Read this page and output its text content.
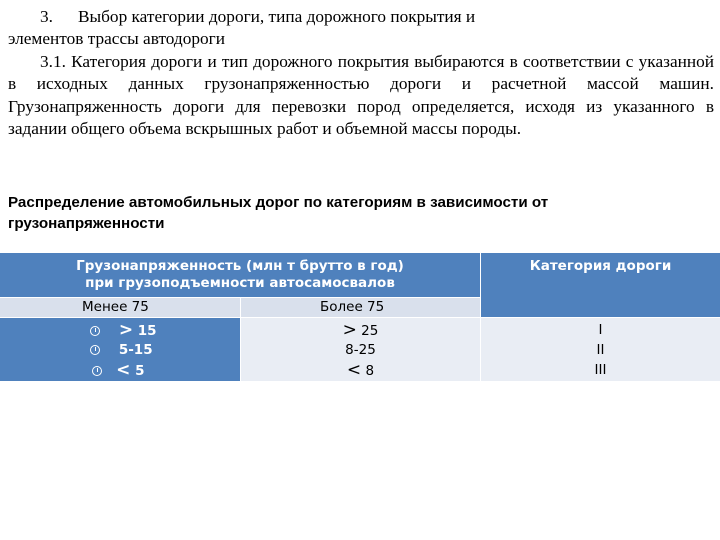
3. Выбор категории дороги, типа дорожного покрытия и

элементов трассы автодороги

3.1. Категория дороги и тип дорожного покрытия выбираются в соответствии с указанной в исходных данных грузонапряженностью дороги и расчетной массой машин. Грузонапряженность дороги для перевозки пород определяется, исходя из указанного в задании общего объема вскрышных работ и объемной массы породы.

Распределение автомобильных дорог по категориям в зависимости от грузонапряженности
Грузонапряженность (млн т брутто в год)
при грузоподъемности автосамосвалов
Категория дороги
Менее 75	Более 75
> 15
5-15
< 5
> 25
8-25
< 8
I
II
III
